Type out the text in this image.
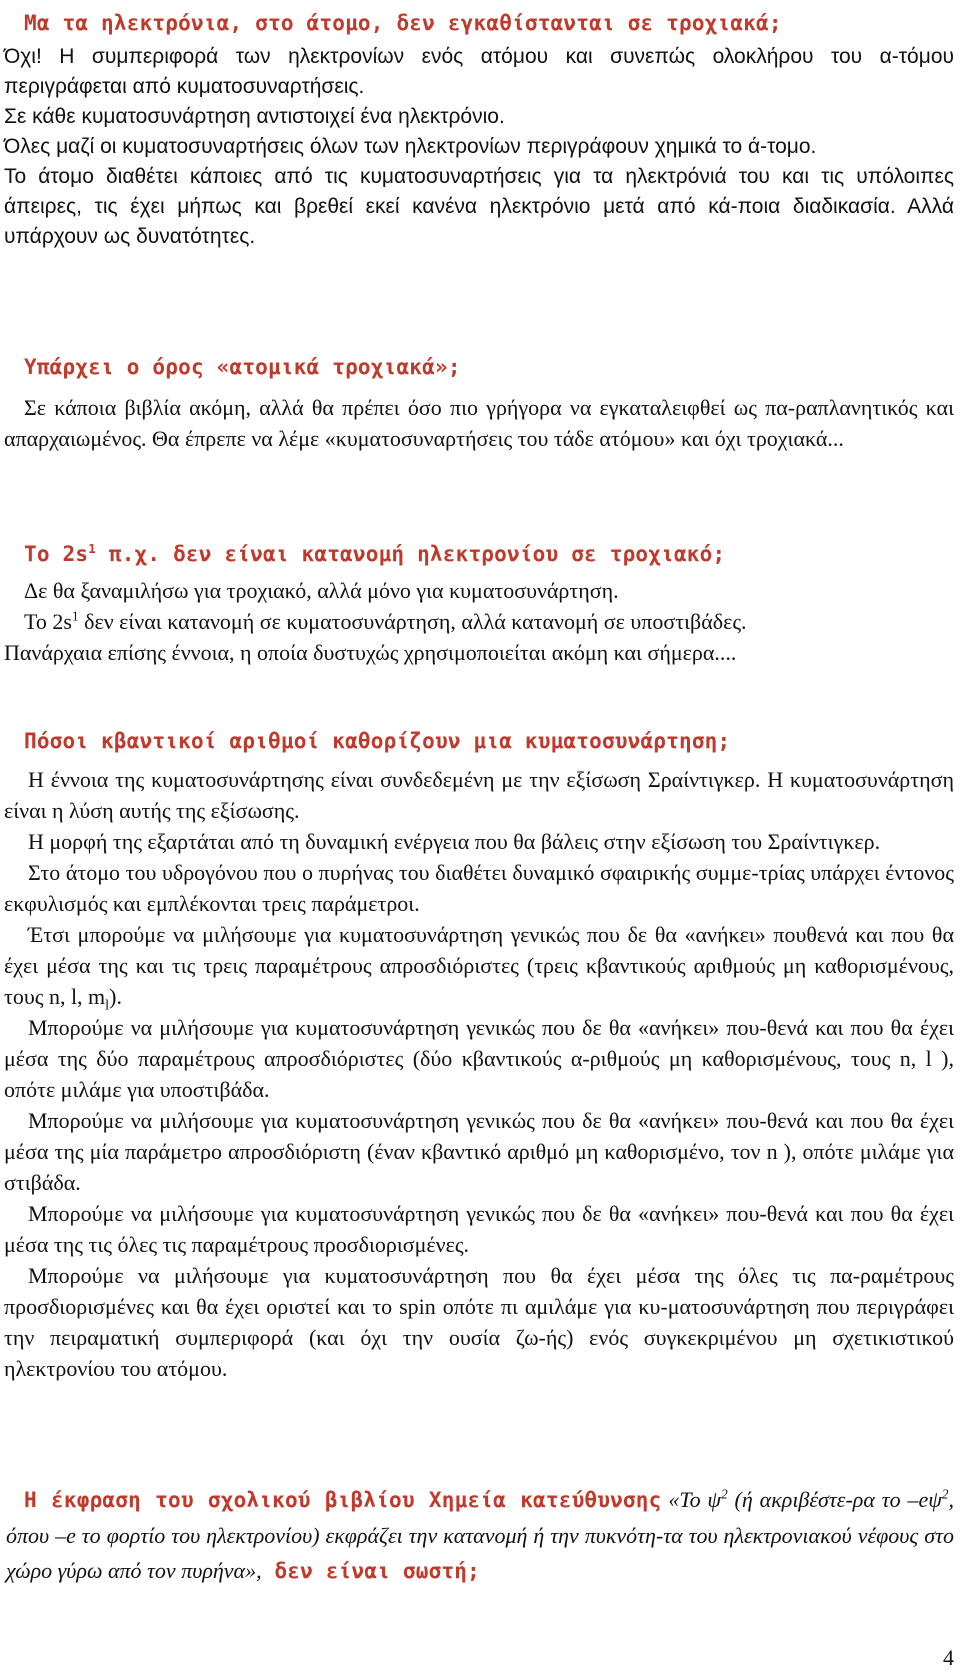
Μα τα ηλεκτρόνια, στο άτομο, δεν εγκαθίστανται σε τροχιακά;

Όχι! Η συμπεριφορά των ηλεκτρονίων ενός ατόμου και συνεπώς ολοκλήρου του α-τόμου περιγράφεται από κυματοσυναρτήσεις.

Σε κάθε κυματοσυνάρτηση αντιστοιχεί ένα ηλεκτρόνιο.

Όλες μαζί οι κυματοσυναρτήσεις όλων των ηλεκτρονίων περιγράφουν χημικά το ά-τομο.

Το άτομο διαθέτει κάποιες από τις κυματοσυναρτήσεις για τα ηλεκτρόνιά του και τις υπόλοιπες άπειρες, τις έχει μήπως και βρεθεί εκεί κανένα ηλεκτρόνιο μετά από κά-ποια διαδικασία. Αλλά υπάρχουν ως δυνατότητες.

Υπάρχει ο όρος «ατομικά τροχιακά»;

Σε κάποια βιβλία ακόμη, αλλά θα πρέπει όσο πιο γρήγορα να εγκαταλειφθεί ως πα-ραπλανητικός και απαρχαιωμένος. Θα έπρεπε να λέμε «κυματοσυναρτήσεις του τάδε ατόμου» και όχι τροχιακά...

Το $2s^1$ π.χ. δεν είναι κατανομή ηλεκτρονίου σε τροχιακό;

Δε θα ξαναμιλήσω για τροχιακό, αλλά μόνο για κυματοσυνάρτηση.

Το $2s^1$ δεν είναι κατανομή σε κυματοσυνάρτηση, αλλά κατανομή σε υποστιβάδες.

Πανάρχαια επίσης έννοια, η οποία δυστυχώς χρησιμοποιείται ακόμη και σήμερα....

Πόσοι κβαντικοί αριθμοί καθορίζουν μια κυματοσυνάρτηση;

Η έννοια της κυματοσυνάρτησης είναι συνδεδεμένη με την εξίσωση Σραίντιγκερ. Η κυματοσυνάρτηση είναι η λύση αυτής της εξίσωσης.

Η μορφή της εξαρτάται από τη δυναμική ενέργεια που θα βάλεις στην εξίσωση του Σραίντιγκερ.

Στο άτομο του υδρογόνου που ο πυρήνας του διαθέτει δυναμικό σφαιρικής συμμε-τρίας υπάρχει έντονος εκφυλισμός και εμπλέκονται τρεις παράμετροι.

Έτσι μπορούμε να μιλήσουμε για κυματοσυνάρτηση γενικώς που δε θα «ανήκει» πουθενά και που θα έχει μέσα της και τις τρεις παραμέτρους απροσδιόριστες (τρεις κβαντικούς αριθμούς μη καθορισμένους, τους n, l, $m_l$).

Μπορούμε να μιλήσουμε για κυματοσυνάρτηση γενικώς που δε θα «ανήκει» που-θενά και που θα έχει μέσα της δύο παραμέτρους απροσδιόριστες (δύο κβαντικούς α-ριθμούς μη καθορισμένους, τους n, l ), οπότε μιλάμε για υποστιβάδα.

Μπορούμε να μιλήσουμε για κυματοσυνάρτηση γενικώς που δε θα «ανήκει» που-θενά και που θα έχει μέσα της μία παράμετρο απροσδιόριστη (έναν κβαντικό αριθμό μη καθορισμένο, τον n ), οπότε μιλάμε για στιβάδα.

Μπορούμε να μιλήσουμε για κυματοσυνάρτηση γενικώς που δε θα «ανήκει» που-θενά και που θα έχει μέσα της τις όλες τις παραμέτρους προσδιορισμένες.

Μπορούμε να μιλήσουμε για κυματοσυνάρτηση που θα έχει μέσα της όλες τις πα-ραμέτρους προσδιορισμένες και θα έχει οριστεί και το spin οπότε πι αμιλάμε για κυ-ματοσυνάρτηση που περιγράφει την πειραματική συμπεριφορά (και όχι την ουσία ζω-ής) ενός συγκεκριμένου μη σχετικιστικού ηλεκτρονίου του ατόμου.

Η έκφραση του σχολικού βιβλίου Χημεία κατεύθυνσης «Το $\psi^2$ (ή ακριβέστε-ρα το $-e\psi^2$, όπου –e το φορτίο του ηλεκτρονίου) εκφράζει την κατανομή ή την πυκνότη-τα του ηλεκτρονιακού νέφους στο χώρο γύρω από τον πυρήνα», δεν είναι σωστή;

4
